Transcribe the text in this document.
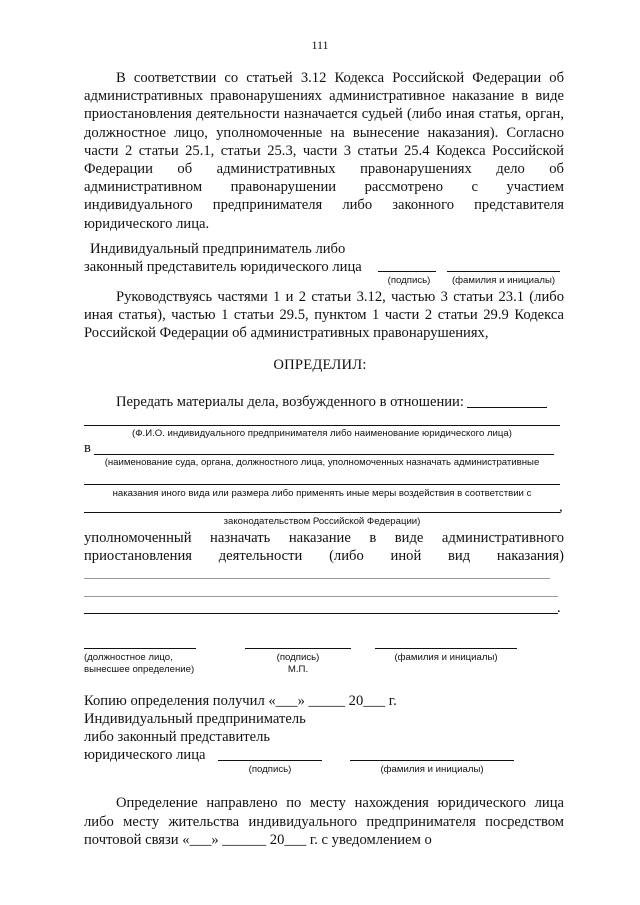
111
В соответствии со статьей 3.12 Кодекса Российской Федерации об административных правонарушениях административное наказание в виде приостановления деятельности назначается судьей (либо иная статья, орган, должностное лицо, уполномоченные на вынесение наказания). Согласно части 2 статьи 25.1, статьи 25.3, части 3 статьи 25.4 Кодекса Российской Федерации об административных правонарушениях дело об административном правонарушении рассмотрено с участием индивидуального предпринимателя либо законного представителя юридического лица.
Индивидуальный предприниматель либо
законный представитель юридического лица
(подпись)	(фамилия и инициалы)
Руководствуясь частями 1 и 2 статьи 3.12, частью 3 статьи 23.1 (либо иная статья), частью 1 статьи 29.5, пунктом 1 части 2 статьи 29.9 Кодекса Российской Федерации об административных правонарушениях,
ОПРЕДЕЛИЛ:
Передать материалы дела, возбужденного в отношении:
(Ф.И.О. индивидуального предпринимателя либо наименование юридического лица)
в
(наименование суда, органа, должностного лица, уполномоченных назначать административные
наказания иного вида или размера либо применять иные меры воздействия в соответствии с
,
законодательством Российской Федерации)
уполномоченный назначать наказание в виде административного
приостановления деятельности (либо иной вид наказания)
.
(должностное лицо,
вынесшее определение)
(подпись)
М.П.
(фамилия и инициалы)
Копию определения получил «___» _____ 20___ г.
Индивидуальный предприниматель
либо законный представитель
юридического лица
(подпись)	(фамилия и инициалы)
Определение направлено по месту нахождения юридического лица либо месту жительства индивидуального предпринимателя посредством почтовой связи «___» ______ 20___ г. с уведомлением о
